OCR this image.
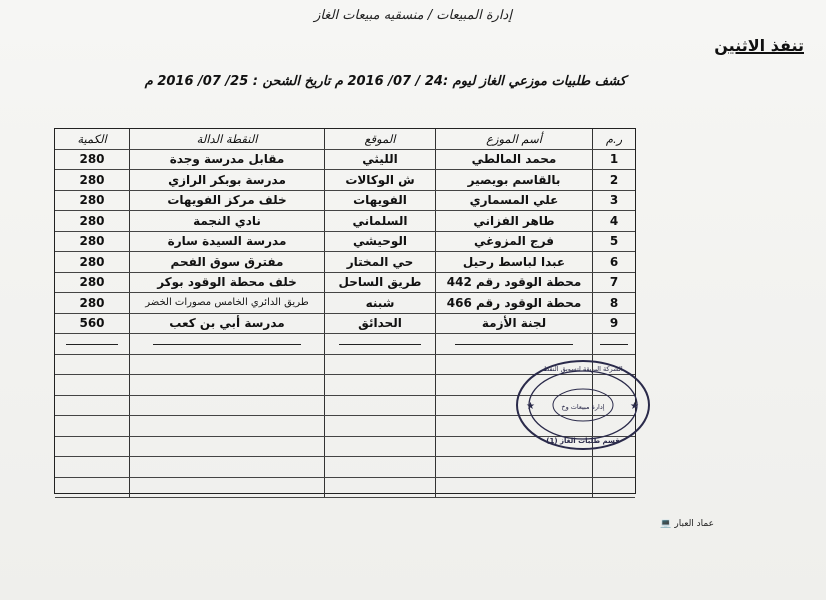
إدارة المبيعات / منسقيه مبيعات الغاز
تنفذ الاثنين
كشف طلبيات موزعي الغاز ليوم :24 / 07/ 2016 م تاريخ الشحن : 25/ 07/ 2016 م
ر.م	أسم الموزع	الموقع	النقطة الدالة	الكمية
1	محمد المالطي	الليثي	مقابل مدرسة وجدة	280
2	بالقاسم بويصير	ش الوكالات	مدرسة بوبكر الرازي	280
3	علي المسماري	الفويهات	خلف مركز الفويهات	280
4	طاهر الفزاني	السلماني	نادي النجمة	280
5	فرج المزوغي	الوحيشي	مدرسة السيدة سارة	280
6	عبدا لباسط رحيل	حي المختار	مفترق سوق الفحم	280
7	محطة الوقود رقم 442	طريق الساحل	خلف محطة الوقود بوكر	280
8	محطة الوقود رقم 466	شبنه	طريق الدائري الخامس مصورات الخضر	280
9	لجنة الأزمة	الحدائق	مدرسة أبي بن كعب	560

★	★
الشركة البريقة لتسويق النفط
إدارة مبيعات وخ
قسم طلبات الغاز (1)
عماد العبار 💻
